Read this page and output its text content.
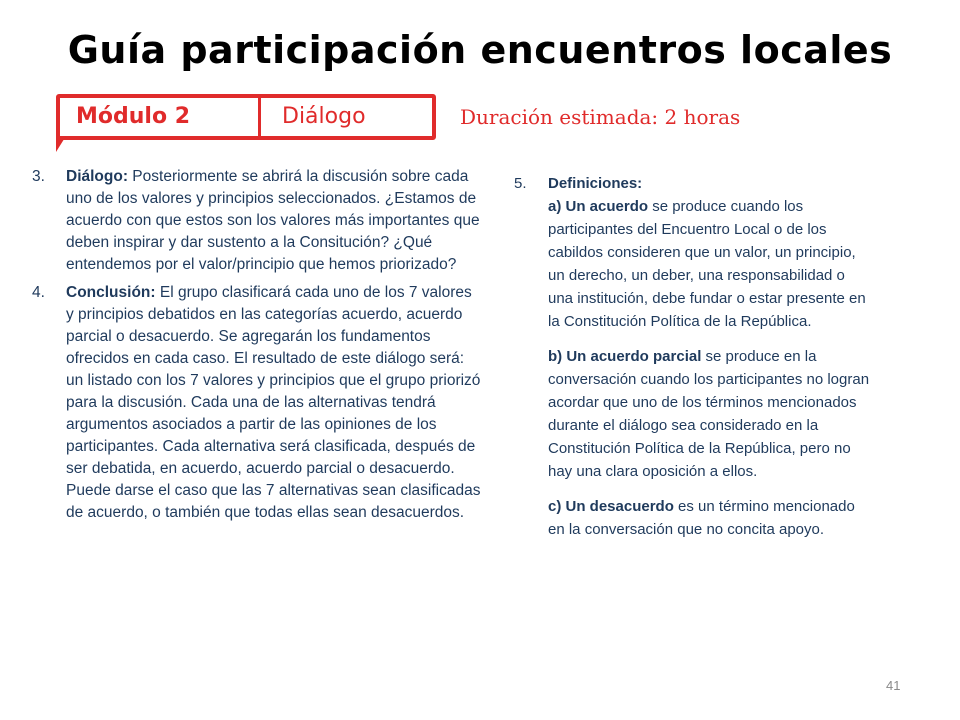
Guía participación encuentros locales
Módulo 2	Diálogo	Duración estimada: 2 horas
3. Diálogo: Posteriormente se abrirá la discusión sobre cada uno de los valores y principios seleccionados. ¿Estamos de acuerdo con que estos son los valores más importantes que deben inspirar y dar sustento a la Consitución? ¿Qué entendemos por el valor/principio que hemos priorizado?
4. Conclusión: El grupo clasificará cada uno de los 7 valores y principios debatidos en las categorías acuerdo, acuerdo parcial o desacuerdo. Se agregarán los fundamentos ofrecidos en cada caso. El resultado de este diálogo será: un listado con los 7 valores y principios que el grupo priorizó para la discusión. Cada una de las alternativas tendrá argumentos asociados a partir de las opiniones de los participantes. Cada alternativa será clasificada, después de ser debatida, en acuerdo, acuerdo parcial o desacuerdo. Puede darse el caso que las 7 alternativas sean clasificadas de acuerdo, o también que todas ellas sean desacuerdos.
5. Definiciones:
a) Un acuerdo se produce cuando los participantes del Encuentro Local o de los cabildos consideren que un valor, un principio, un derecho, un deber, una responsabilidad o una institución, debe fundar o estar presente en la Constitución Política de la República.
b) Un acuerdo parcial se produce en la conversación cuando los participantes no logran acordar que uno de los términos mencionados durante el diálogo sea considerado en la Constitución Política de la República, pero no hay una clara oposición a ellos.
c) Un desacuerdo es un término mencionado en la conversación que no concita apoyo.
41
